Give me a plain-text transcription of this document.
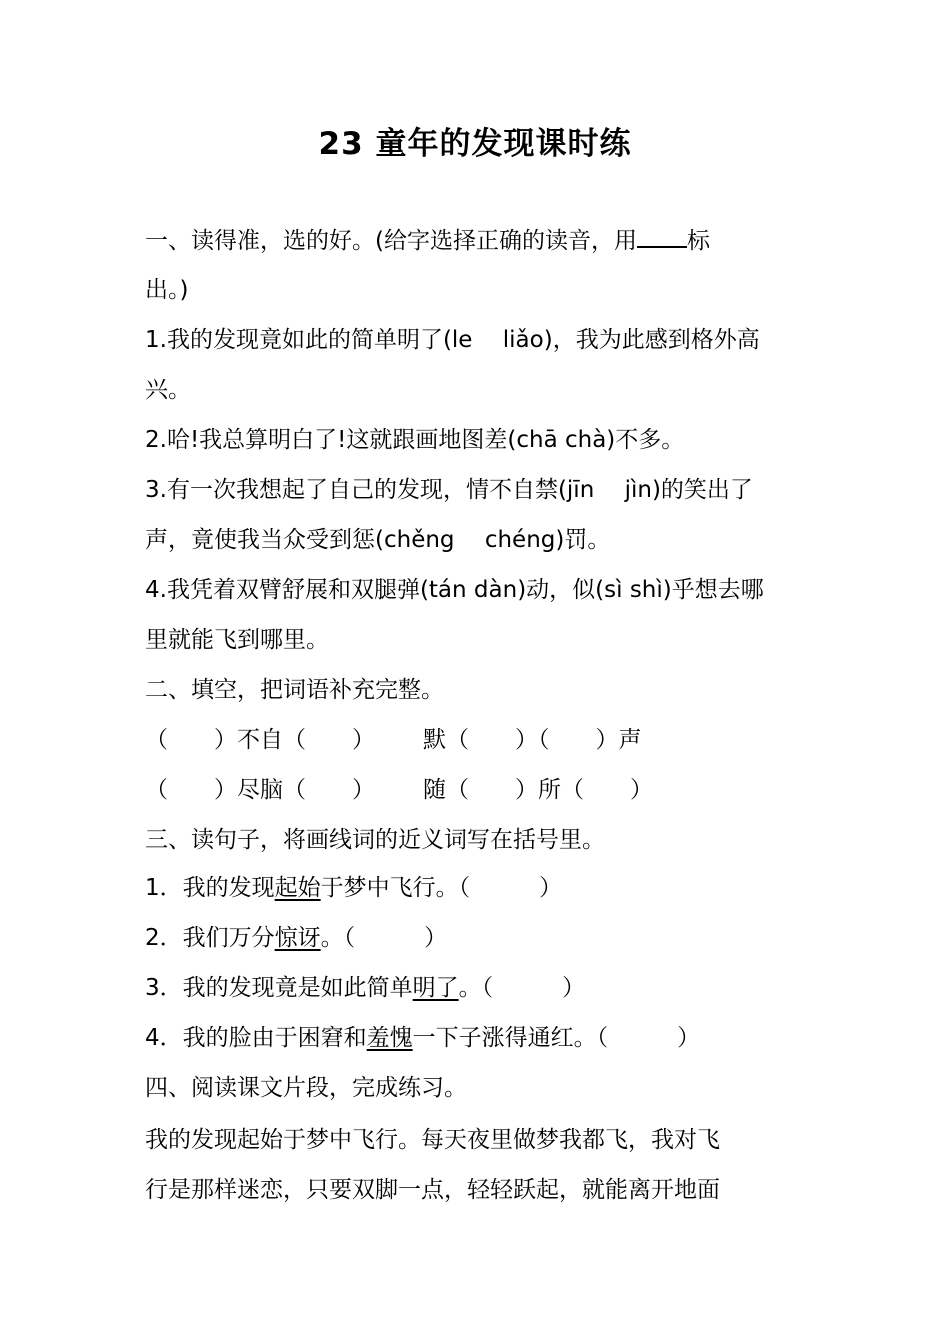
23 童年的发现课时练
一、读得准，选的好。(给字选择正确的读音，用 标
出。)
1.我的发现竟如此的简单明了(le　 liǎo)，我为此感到格外高
兴。
2.哈!我总算明白了!这就跟画地图差(chā chà)不多。
3.有一次我想起了自己的发现，情不自禁(jīn　 jìn)的笑出了
声，竟使我当众受到惩(chěng　 chéng)罚。
4.我凭着双臂舒展和双腿弹(tán dàn)动，似(sì shì)乎想去哪
里就能飞到哪里。
二、填空，把词语补充完整。
（　　）不自（　　） 默（　　）（　　）声
（　　）尽脑（　　） 随（　　）所（　　）
三、读句子，将画线词的近义词写在括号里。
1．我的发现起始于梦中飞行。（　　　）
2．我们万分惊讶。（　　　）
3．我的发现竟是如此简单明了。（　　　）
4．我的脸由于困窘和羞愧一下子涨得通红。（　　　）
四、阅读课文片段，完成练习。
我的发现起始于梦中飞行。每天夜里做梦我都飞，我对飞
行是那样迷恋，只要双脚一点，轻轻跃起，就能离开地面
